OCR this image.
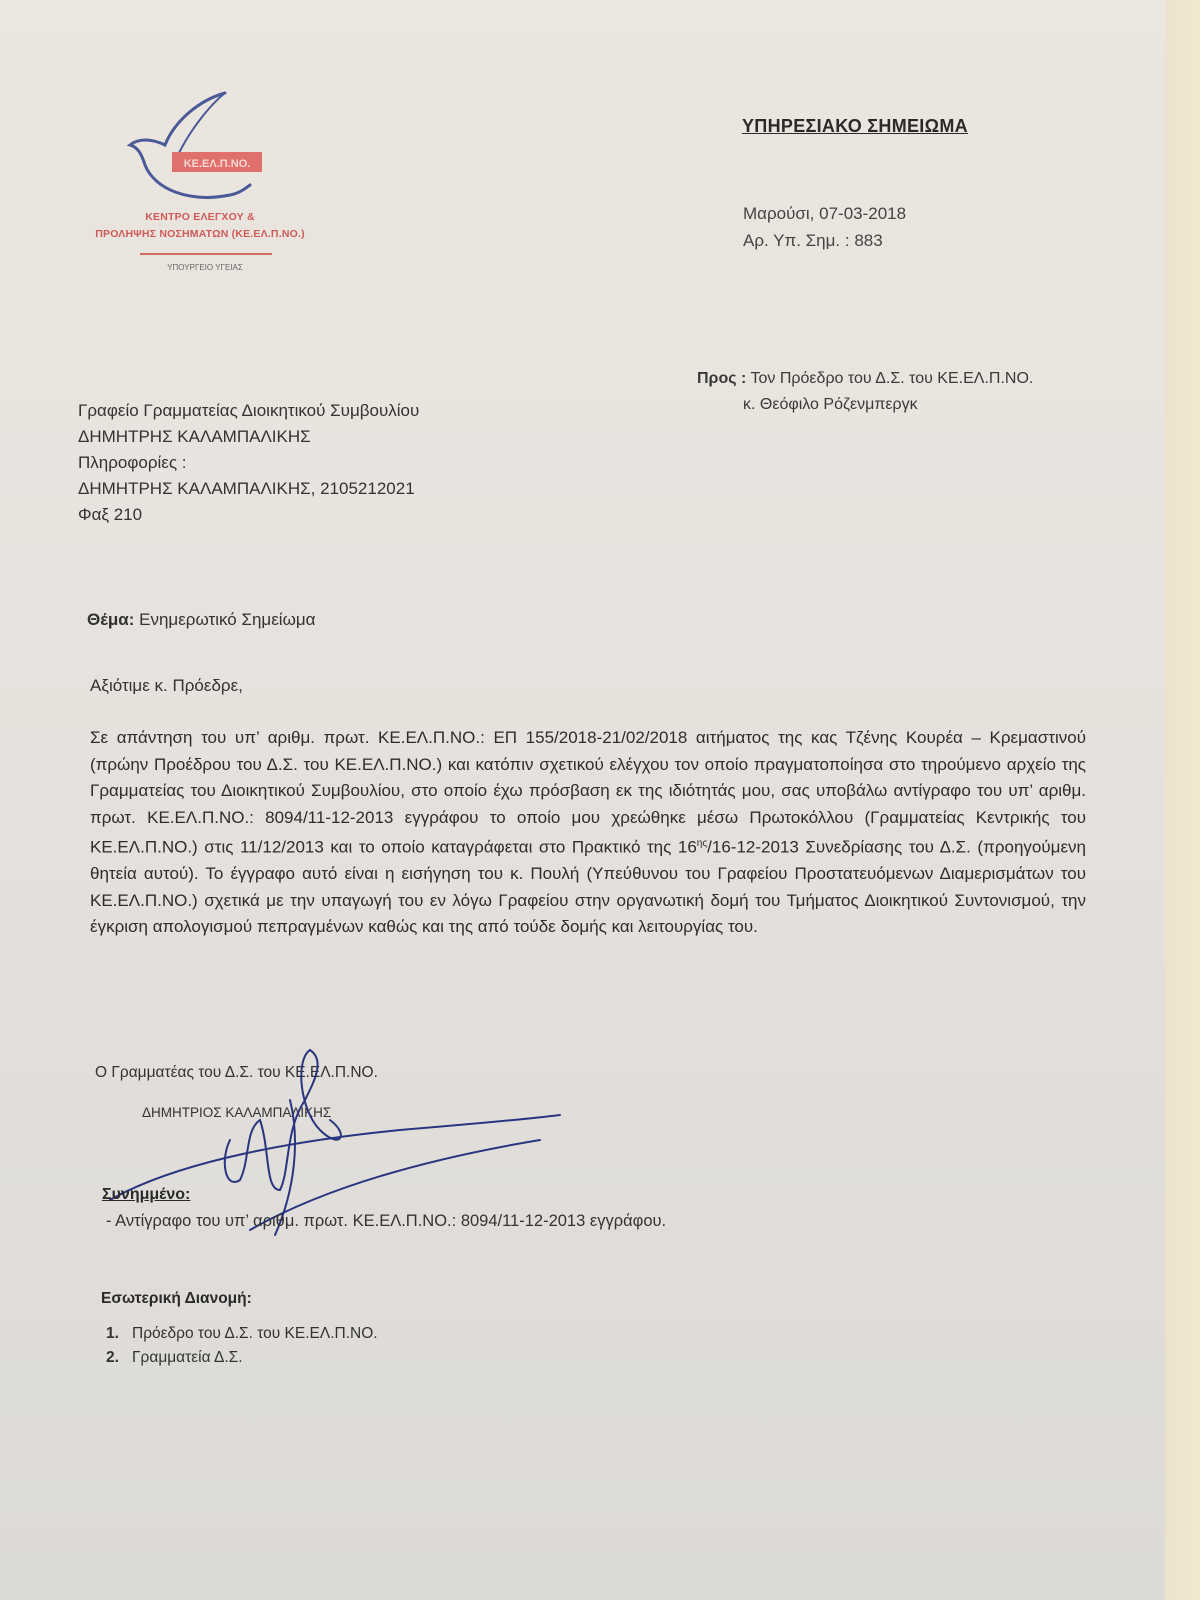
ΚΕ.ΕΛ.Π.ΝΟ.
ΚΕΝΤΡΟ ΕΛΕΓΧΟΥ &
ΠΡΟΛΗΨΗΣ ΝΟΣΗΜΑΤΩΝ (ΚΕ.ΕΛ.Π.ΝΟ.)
ΥΠΟΥΡΓΕΙΟ ΥΓΕΙΑΣ
ΥΠΗΡΕΣΙΑΚΟ ΣΗΜΕΙΩΜΑ
Μαρούσι, 07-03-2018
Αρ. Υπ. Σημ. : 883
Προς : Τον Πρόεδρο του Δ.Σ. του ΚΕ.ΕΛ.Π.ΝΟ.
κ. Θεόφιλο Ρόζενμπεργκ
Γραφείο Γραμματείας Διοικητικού Συμβουλίου
ΔΗΜΗΤΡΗΣ ΚΑΛΑΜΠΑΛΙΚΗΣ
Πληροφορίες :
ΔΗΜΗΤΡΗΣ ΚΑΛΑΜΠΑΛΙΚΗΣ, 2105212021
Φαξ 210
Θέμα: Ενημερωτικό Σημείωμα
Αξιότιμε κ. Πρόεδρε,
Σε απάντηση του υπ’ αριθμ. πρωτ. ΚΕ.ΕΛ.Π.ΝΟ.: ΕΠ 155/2018-21/02/2018 αιτήματος της κας Τζένης Κουρέα – Κρεμαστινού (πρώην Προέδρου του Δ.Σ. του ΚΕ.ΕΛ.Π.ΝΟ.) και κατόπιν σχετικού ελέγχου τον οποίο πραγματοποίησα στο τηρούμενο αρχείο της Γραμματείας του Διοικητικού Συμβουλίου, στο οποίο έχω πρόσβαση εκ της ιδιότητάς μου, σας υποβάλω αντίγραφο του υπ’ αριθμ. πρωτ. ΚΕ.ΕΛ.Π.ΝΟ.: 8094/11-12-2013 εγγράφου το οποίο μου χρεώθηκε μέσω Πρωτοκόλλου (Γραμματείας Κεντρικής του ΚΕ.ΕΛ.Π.ΝΟ.) στις 11/12/2013 και το οποίο καταγράφεται στο Πρακτικό της $16^{\eta\varsigma}/16-12-2013$ Συνεδρίασης του Δ.Σ. (προηγούμενη θητεία αυτού). Το έγγραφο αυτό είναι η εισήγηση του κ. Πουλή (Υπεύθυνου του Γραφείου Προστατευόμενων Διαμερισμάτων του ΚΕ.ΕΛ.Π.ΝΟ.) σχετικά με την υπαγωγή του εν λόγω Γραφείου στην οργανωτική δομή του Τμήματος Διοικητικού Συντονισμού, την έγκριση απολογισμού πεπραγμένων καθώς και της από τούδε δομής και λειτουργίας του.
Ο Γραμματέας του Δ.Σ. του ΚΕ.ΕΛ.Π.ΝΟ.
ΔΗΜΗΤΡΙΟΣ ΚΑΛΑΜΠΑΛΙΚΗΣ
Συνημμένο:
- Αντίγραφο του υπ’ αριθμ. πρωτ. ΚΕ.ΕΛ.Π.ΝΟ.: 8094/11-12-2013 εγγράφου.
Εσωτερική Διανομή:
1. Πρόεδρο του Δ.Σ. του ΚΕ.ΕΛ.Π.ΝΟ.
2. Γραμματεία Δ.Σ.
